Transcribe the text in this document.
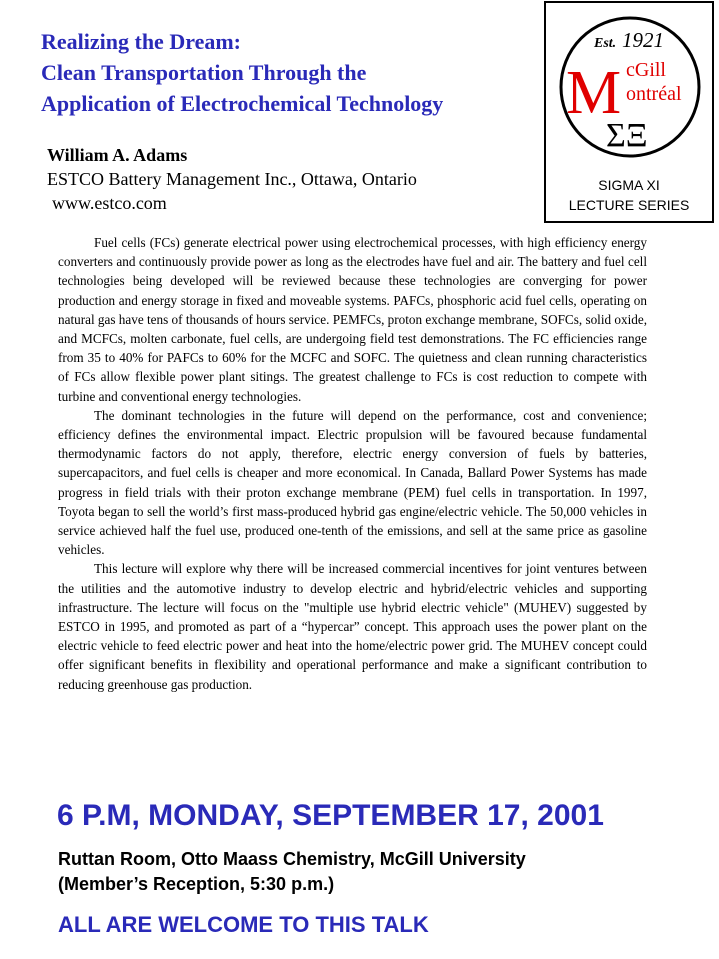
Realizing the Dream:
Clean Transportation Through the
Application of Electrochemical Technology
William A. Adams
ESTCO Battery Management Inc., Ottawa, Ontario
www.estco.com
Est. 1921
M cGill
ontréal
ΣΞ
SIGMA XI
LECTURE SERIES

Fuel cells (FCs) generate electrical power using electrochemical processes, with high efficiency energy converters and continuously provide power as long as the electrodes have fuel and air. The battery and fuel cell technologies being developed will be reviewed because these technologies are converging for power production and energy storage in fixed and moveable systems. PAFCs, phosphoric acid fuel cells, operating on natural gas have tens of thousands of hours service. PEMFCs, proton exchange membrane, SOFCs, solid oxide, and MCFCs, molten carbonate, fuel cells, are undergoing field test demonstrations. The FC efficiencies range from 35 to 40% for PAFCs to 60% for the MCFC and SOFC. The quietness and clean running characteristics of FCs allow flexible power plant sitings. The greatest challenge to FCs is cost reduction to compete with turbine and conventional energy technologies.

The dominant technologies in the future will depend on the performance, cost and convenience; efficiency defines the environmental impact. Electric propulsion will be favoured because fundamental thermodynamic factors do not apply, therefore, electric energy conversion of fuels by batteries, supercapacitors, and fuel cells is cheaper and more economical. In Canada, Ballard Power Systems has made progress in field trials with their proton exchange membrane (PEM) fuel cells in transportation. In 1997, Toyota began to sell the world’s first mass-produced hybrid gas engine/electric vehicle. The 50,000 vehicles in service achieved half the fuel use, produced one-tenth of the emissions, and sell at the same price as gasoline vehicles.

This lecture will explore why there will be increased commercial incentives for joint ventures between the utilities and the automotive industry to develop electric and hybrid/electric vehicles and supporting infrastructure. The lecture will focus on the "multiple use hybrid electric vehicle" (MUHEV) suggested by ESTCO in 1995, and promoted as part of a “hypercar” concept. This approach uses the power plant on the electric vehicle to feed electric power and heat into the home/electric power grid. The MUHEV concept could offer significant benefits in flexibility and operational performance and make a significant contribution to reducing greenhouse gas production.

6 P.M, MONDAY, SEPTEMBER 17, 2001
Ruttan Room, Otto Maass Chemistry, McGill University
(Member’s Reception, 5:30 p.m.)
ALL ARE WELCOME TO THIS TALK
